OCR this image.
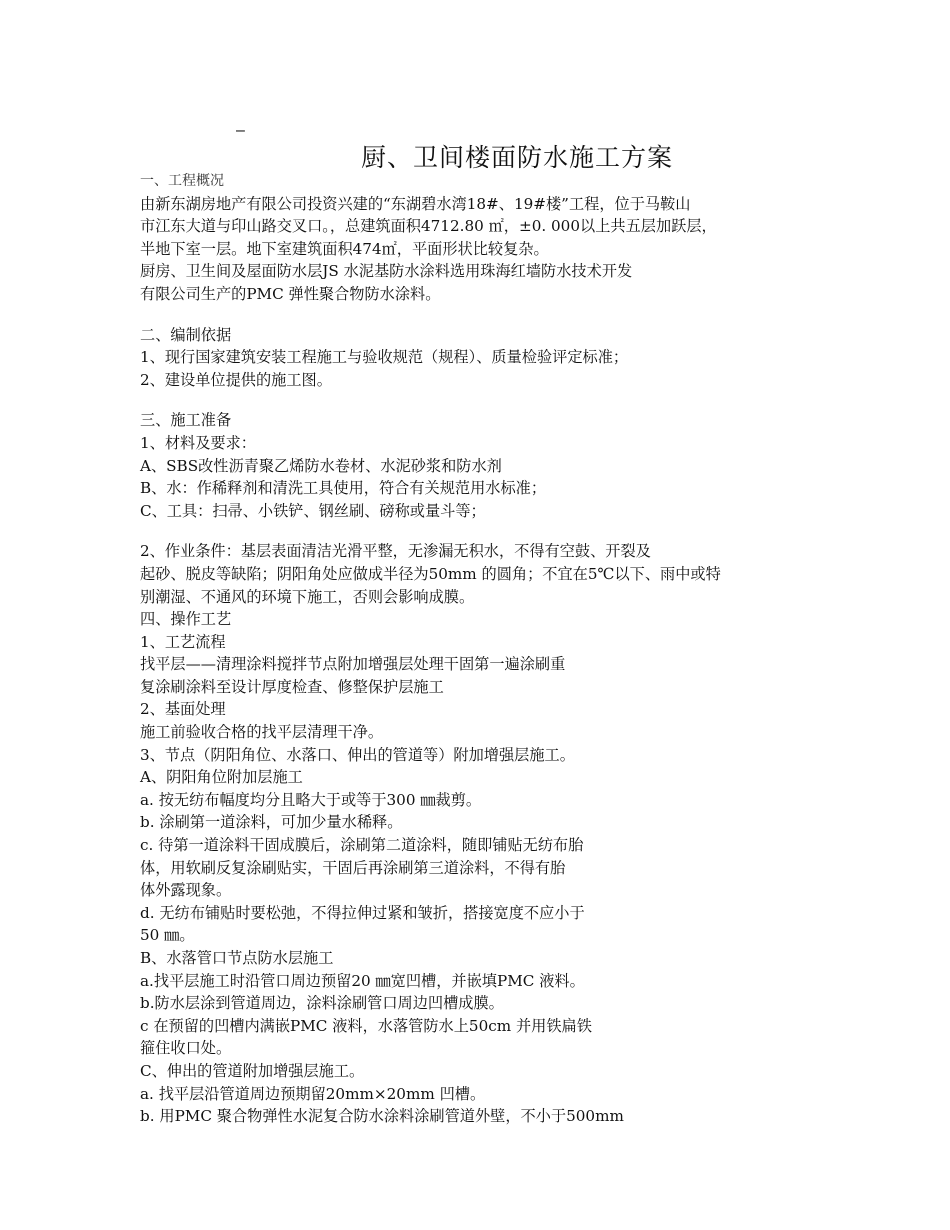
–
厨、卫间楼面防水施工方案
一、工程概况
由新东湖房地产有限公司投资兴建的“东湖碧水湾18#、19#楼”工程，位于马鞍山
市江东大道与印山路交叉口。，总建筑面积4712.80 ㎡，±0. 000以上共五层加跃层，
半地下室一层。地下室建筑面积474㎡，平面形状比较复杂。
厨房、卫生间及屋面防水层JS 水泥基防水涂料选用珠海红墙防水技术开发
有限公司生产的PMC 弹性聚合物防水涂料。
二、编制依据
1、现行国家建筑安装工程施工与验收规范（规程）、质量检验评定标准；
2、建设单位提供的施工图。
三、施工准备
1、材料及要求：
A、SBS改性沥青聚乙烯防水卷材、水泥砂浆和防水剂
B、水：作稀释剂和清洗工具使用，符合有关规范用水标准；
C、工具：扫帚、小铁铲、钢丝刷、磅称或量斗等；
2、作业条件：基层表面清洁光滑平整，无渗漏无积水，不得有空鼓、开裂及
起砂、脱皮等缺陷；阴阳角处应做成半径为50mm 的圆角；不宜在5℃以下、雨中或特
别潮湿、不通风的环境下施工，否则会影响成膜。
四、操作工艺
1、工艺流程
找平层——清理涂料搅拌节点附加增强层处理干固第一遍涂刷重
复涂刷涂料至设计厚度检查、修整保护层施工
2、基面处理
施工前验收合格的找平层清理干净。
3、节点（阴阳角位、水落口、伸出的管道等）附加增强层施工。
A、阴阳角位附加层施工
a. 按无纺布幅度均分且略大于或等于300 ㎜裁剪。
b. 涂刷第一道涂料，可加少量水稀释。
c. 待第一道涂料干固成膜后，涂刷第二道涂料，随即铺贴无纺布胎
体，用软刷反复涂刷贴实，干固后再涂刷第三道涂料，不得有胎
体外露现象。
d. 无纺布铺贴时要松弛，不得拉伸过紧和皱折，搭接宽度不应小于
50 ㎜。
B、水落管口节点防水层施工
a.找平层施工时沿管口周边预留20 ㎜宽凹槽，并嵌填PMC 液料。
b.防水层涂到管道周边，涂料涂刷管口周边凹槽成膜。
c 在预留的凹槽内满嵌PMC 液料，水落管防水上50cm 并用铁扁铁
箍住收口处。
C、伸出的管道附加增强层施工。
a. 找平层沿管道周边预期留20mm×20mm 凹槽。
b. 用PMC 聚合物弹性水泥复合防水涂料涂刷管道外壁，不小于500mm
